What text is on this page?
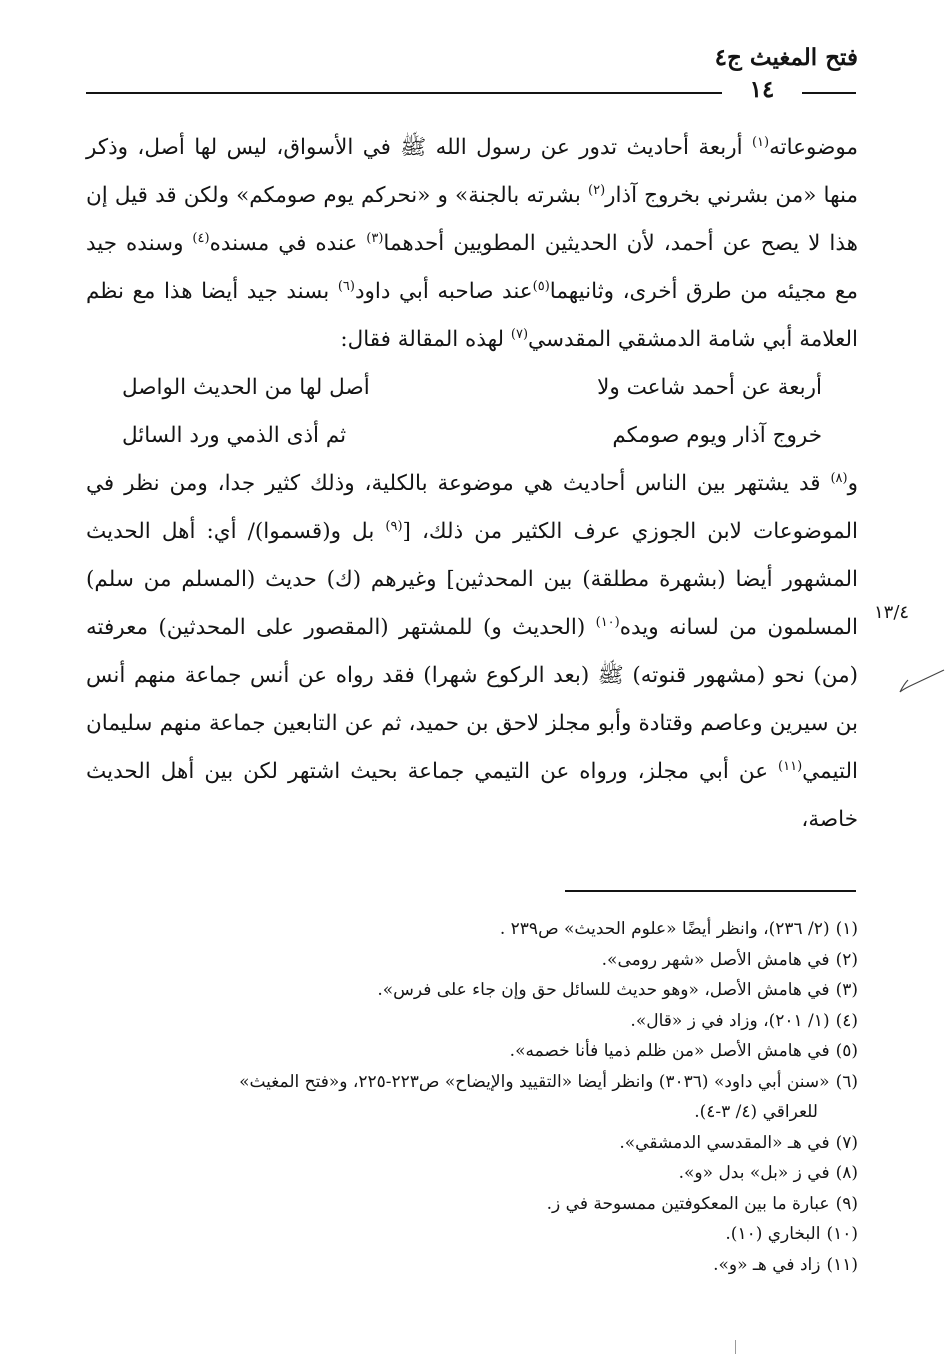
فتح المغيث ج٤
١٤

موضوعاته$^{(١)}$ أربعة أحاديث تدور عن رسول الله ﷺ في الأسواق، ليس لها أصل، وذكر منها «من بشرني بخروج آذار$^{(٢)}$ بشرته بالجنة» و «نحركم يوم صومكم» ولكن قد قيل إن هذا لا يصح عن أحمد، لأن الحديثين المطويين أحدهما$^{(٣)}$ عنده في مسنده$^{(٤)}$ وسنده جيد مع مجيئه من طرق أخرى، وثانيهما$^{(٥)}$عند صاحبه أبي داود$^{(٦)}$ بسند جيد أيضا هذا مع نظم العلامة أبي شامة الدمشقي المقدسي$^{(٧)}$ لهذه المقالة فقال:

أربعة عن أحمد شاعت ولا
أصل لها من الحديث الواصل
خروج آذار ويوم صومكم
ثم أذى الذمي ورد السائل

و$^{(٨)}$ قد يشتهر بين الناس أحاديث هي موضوعة بالكلية، وذلك كثير جدا، ومن نظر في الموضوعات لابن الجوزي عرف الكثير من ذلك، [$^{(٩)}$ بل و(قسموا)/ أي: أهل الحديث المشهور أيضا (بشهرة مطلقة) بين المحدثين] وغيرهم (ك) حديث (المسلم من سلم) المسلمون من لسانه ويده$^{(١٠)}$ (الحديث و) للمشتهر (المقصور على المحدثين) معرفته (من) نحو (مشهور قنوته) ﷺ (بعد الركوع شهرا) فقد رواه عن أنس جماعة منهم أنس بن سيرين وعاصم وقتادة وأبو مجلز لاحق بن حميد، ثم عن التابعين جماعة منهم سليمان التيمي$^{(١١)}$ عن أبي مجلز، ورواه عن التيمي جماعة بحيث اشتهر لكن بين أهل الحديث خاصة،

١٣/٤

(١)(٢/ ٢٣٦)، وانظر أيضًا «علوم الحديث» ص٢٣٩ .

(٢)في هامش الأصل «شهر رومى».

(٣)في هامش الأصل، «وهو حديث للسائل حق وإن جاء على فرس».

(٤)(١/ ٢٠١)، وزاد في ز «قال».

(٥)في هامش الأصل «من ظلم ذميا فأنا خصمه».

(٦)«سنن أبي داود» (٣٠٣٦) وانظر أيضا «التقييد والإيضاح» ص٢٢٣-٢٢٥، و«فتح المغيث»

للعراقي (٤/ ٣-٤).

(٧)في هـ «المقدسي الدمشقي».

(٨)في ز «بل» بدل «و».

(٩)عبارة ما بين المعكوفتين ممسوحة في ز.

(١٠)البخاري (١٠).

(١١)زاد في هـ «و».
